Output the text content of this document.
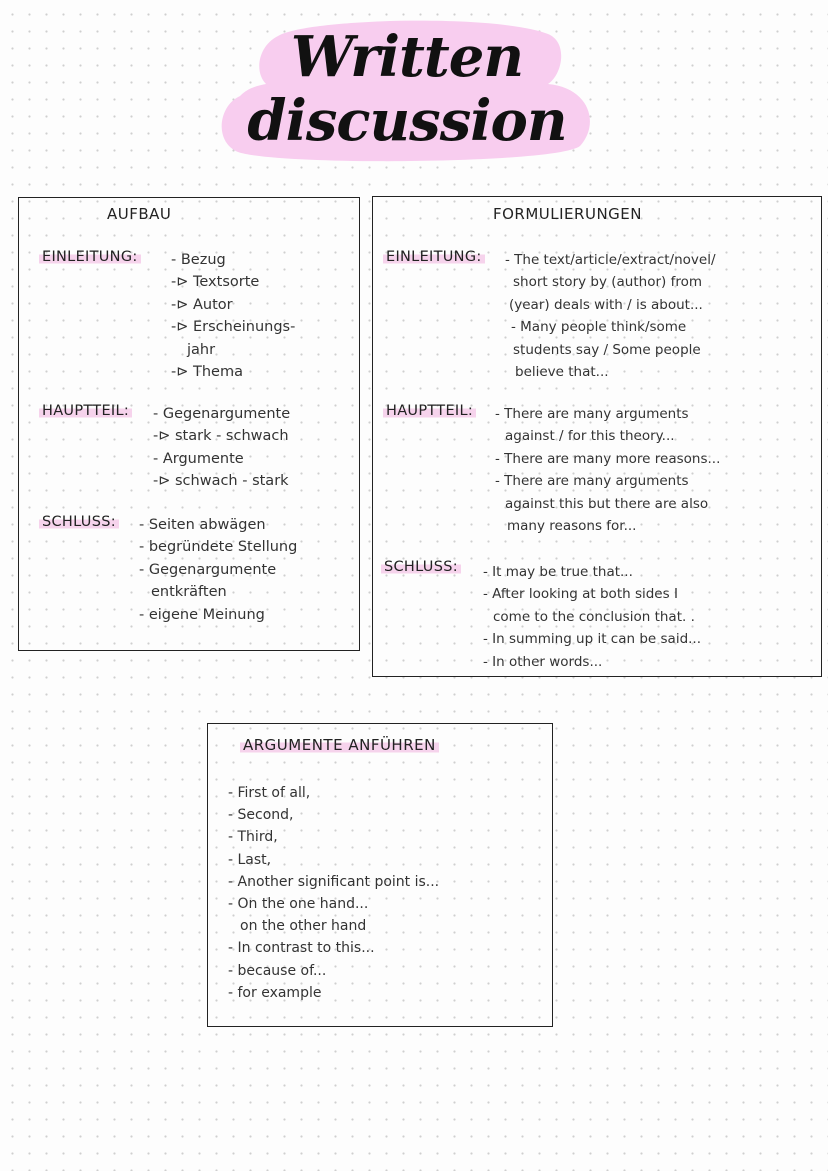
Written
discussion
AUFBAU
EINLEITUNG: - Bezug
-⊳ Textsorte
-⊳ Autor
-⊳ Erscheinungs-
jahr
-⊳ Thema
HAUPTTEIL: - Gegenargumente
-⊳ stark - schwach
- Argumente
-⊳ schwach - stark
SCHLUSS: - Seiten abwägen
- begründete Stellung
- Gegenargumente
entkräften
- eigene Meinung
FORMULIERUNGEN
EINLEITUNG: - The text/article/extract/novel/
short story by (author) from
(year) deals with / is about...
- Many people think/some
students say / Some people
believe that...
HAUPTTEIL: - There are many arguments
against / for this theory...
- There are many more reasons...
- There are many arguments
against this but there are also
many reasons for...
SCHLUSS: - It may be true that...
- After looking at both sides I
come to the conclusion that. .
- In summing up it can be said...
- In other words...
ARGUMENTE ANFÜHREN
- First of all,
- Second,
- Third,
- Last,
- Another significant point is...
- On the one hand...
on the other hand
- In contrast to this...
- because of...
- for example
